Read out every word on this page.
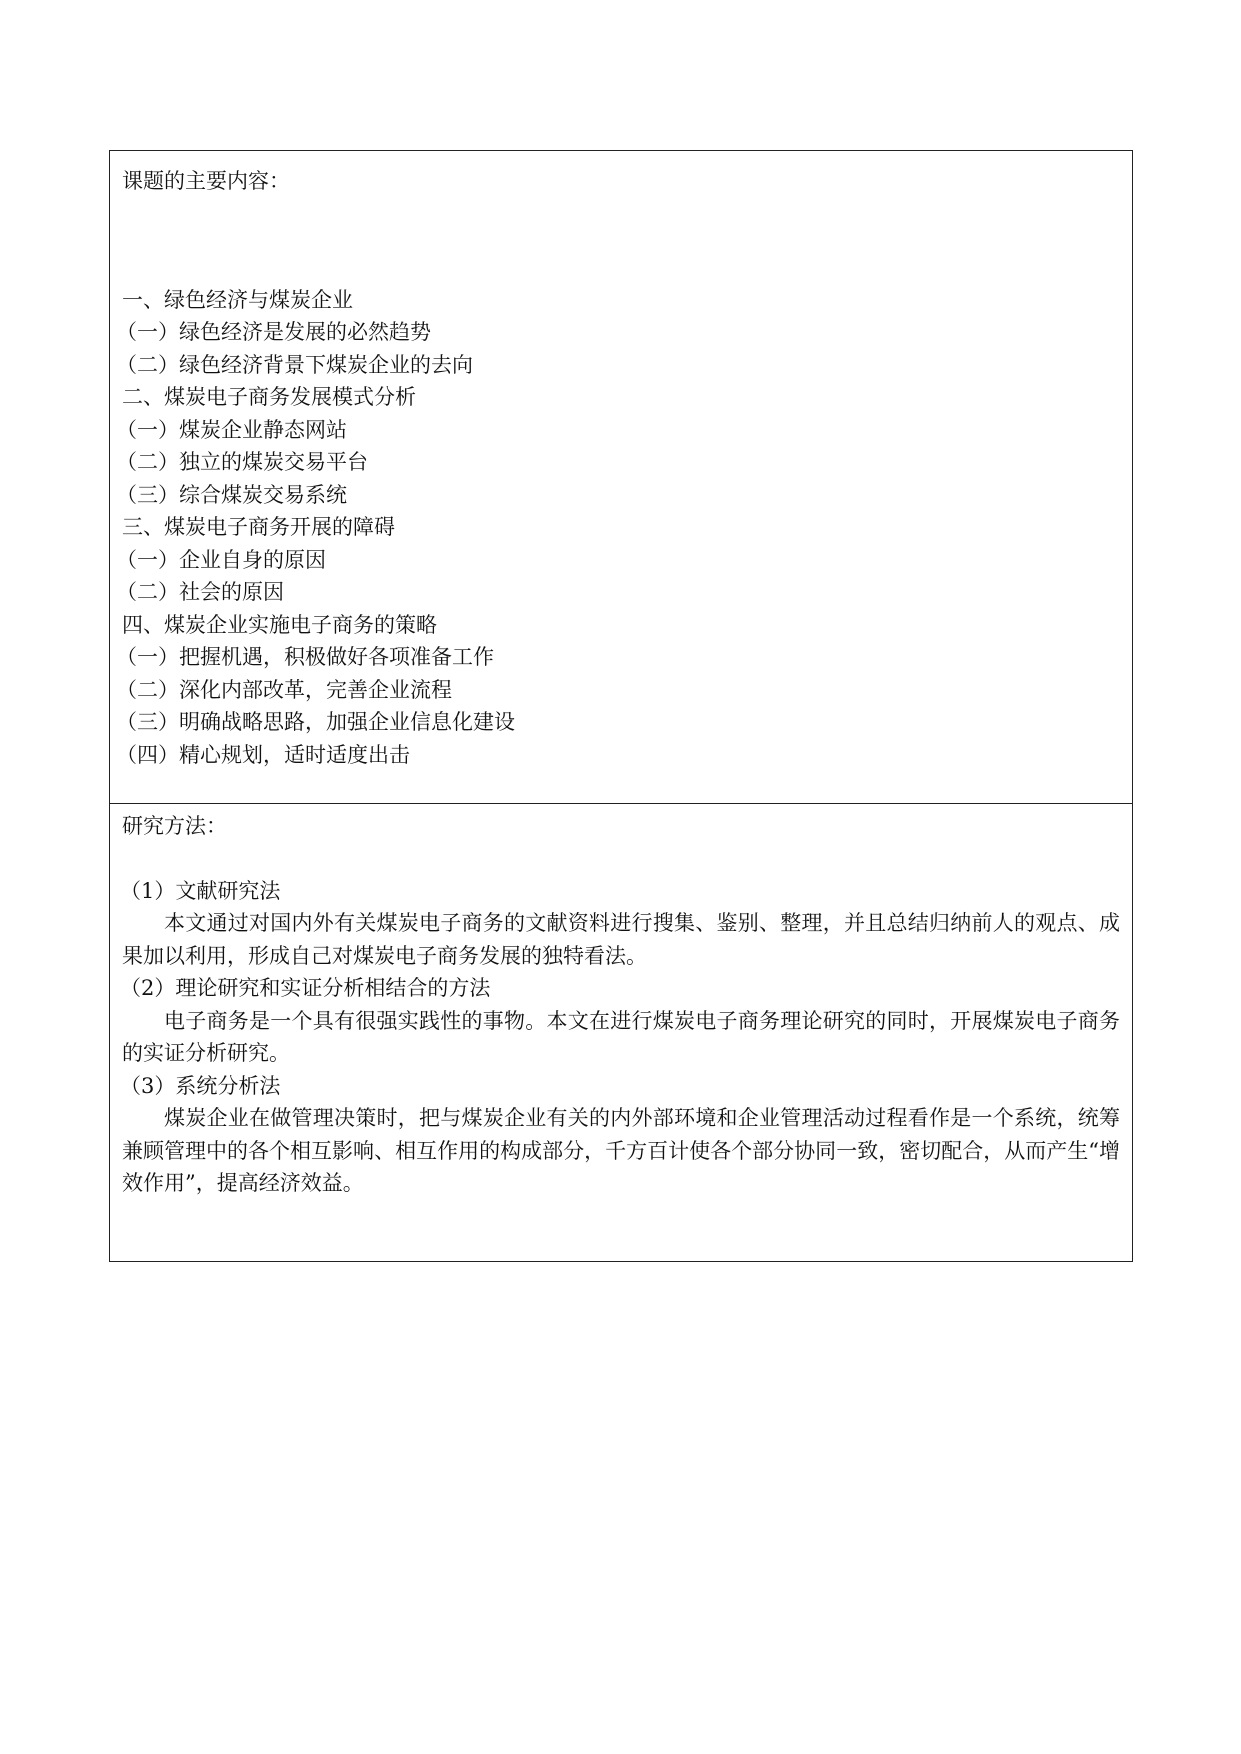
课题的主要内容：
一、绿色经济与煤炭企业
（一）绿色经济是发展的必然趋势
（二）绿色经济背景下煤炭企业的去向
二、煤炭电子商务发展模式分析
（一）煤炭企业静态网站
（二）独立的煤炭交易平台
（三）综合煤炭交易系统
三、煤炭电子商务开展的障碍
（一）企业自身的原因
（二）社会的原因
四、煤炭企业实施电子商务的策略
（一）把握机遇，积极做好各项准备工作
（二）深化内部改革，完善企业流程
（三）明确战略思路，加强企业信息化建设
（四）精心规划，适时适度出击
研究方法：
（1）文献研究法
本文通过对国内外有关煤炭电子商务的文献资料进行搜集、鉴别、整理，并且总结归纳前人的观点、成果加以利用，形成自己对煤炭电子商务发展的独特看法。
（2）理论研究和实证分析相结合的方法
电子商务是一个具有很强实践性的事物。本文在进行煤炭电子商务理论研究的同时，开展煤炭电子商务的实证分析研究。
（3）系统分析法
煤炭企业在做管理决策时，把与煤炭企业有关的内外部环境和企业管理活动过程看作是一个系统，统筹兼顾管理中的各个相互影响、相互作用的构成部分，千方百计使各个部分协同一致，密切配合，从而产生“增效作用”，提高经济效益。
